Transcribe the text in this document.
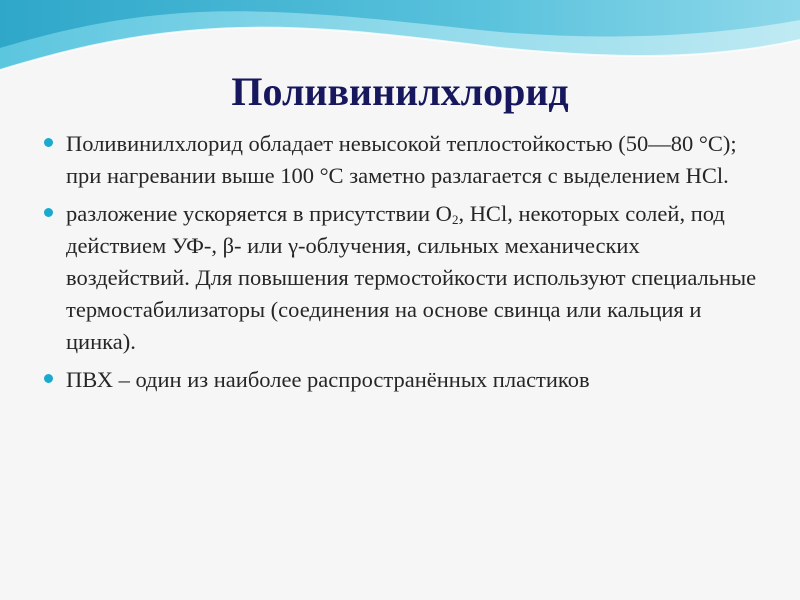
Поливинилхлорид

Поливинилхлорид обладает невысокой теплостойкостью (50—80 °С); при нагревании выше 100 °С заметно разлагается с выделением HCl.

разложение ускоряется в присутствии $O_2$, HCl, некоторых солей, под действием УФ-, β- или γ-облучения, сильных механических воздействий. Для повышения термостойкости используют специальные термостабилизаторы (соединения на основе свинца или кальция и цинка).

ПВХ – один из наиболее распространённых пластиков
